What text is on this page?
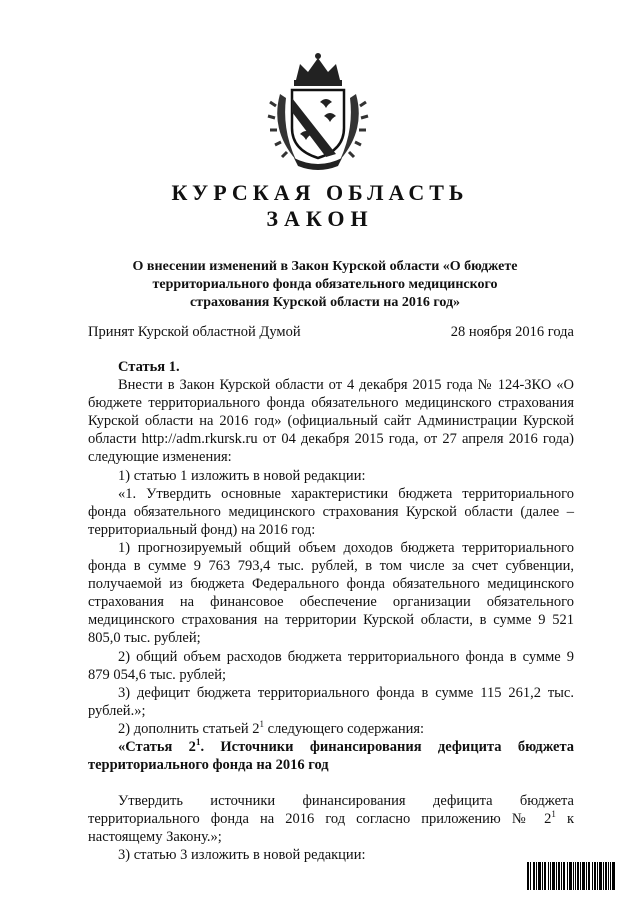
КУРСКАЯ ОБЛАСТЬ
ЗАКОН
О внесении изменений в Закон Курской области «О бюджете
территориального фонда обязательного медицинского
страхования Курской области на 2016 год»
Принят Курской областной Думой	28 ноября 2016 года

Статья 1.

Внести в Закон Курской области от 4 декабря 2015 года № 124-ЗКО «О бюджете территориального фонда обязательного медицинского страхования Курской области на 2016 год» (официальный сайт Администрации Курской области http://adm.rkursk.ru от 04 декабря 2015 года, от 27 апреля 2016 года) следующие изменения:

1) статью 1 изложить в новой редакции:

«1. Утвердить основные характеристики бюджета территориального фонда обязательного медицинского страхования Курской области (далее – территориальный фонд) на 2016 год:

1) прогнозируемый общий объем доходов бюджета территориального фонда в сумме 9 763 793,4 тыс. рублей, в том числе за счет субвенции, получаемой из бюджета Федерального фонда обязательного медицинского страхования на финансовое обеспечение организации обязательного медицинского страхования на территории Курской области, в сумме 9 521 805,0 тыс. рублей;

2) общий объем расходов бюджета территориального фонда в сумме 9 879 054,6 тыс. рублей;

3) дефицит бюджета территориального фонда в сумме 115 261,2 тыс. рублей.»;

2) дополнить статьей $2^1$ следующего содержания:

«Статья $2^1$. Источники финансирования дефицита бюджета территориального фонда на 2016 год

Утвердить источники финансирования дефицита бюджета территориального фонда на 2016 год согласно приложению № $2^1$ к настоящему Закону.»;

3) статью 3 изложить в новой редакции:
